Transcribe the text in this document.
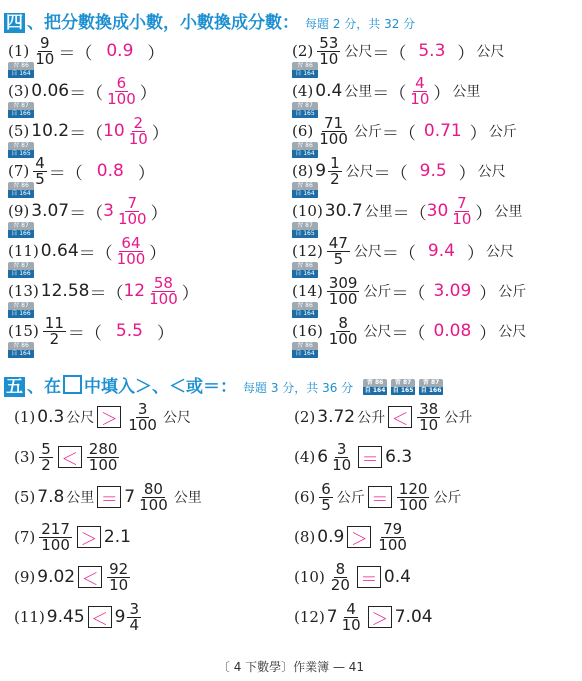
四 、把分數換成小數，小數換成分數： 每題 2 分，共 32 分
$(1) \frac{9}{10}$ ＝（ 0.9 ）
(3) 0.06 ＝（ $\frac{6}{100}$ ）
(5) 10.2 ＝（ $10 \frac{2}{10}$ ）
$(7) \frac{4}{5}$ ＝（ 0.8 ）
(9) 3.07 ＝（ $3 \frac{7}{100}$ ）
(11) 0.64 ＝（ $\frac{64}{100}$ ）
(13) 12.58 ＝（ $12 \frac{58}{100}$ ）
$(15) \frac{11}{2}$ ＝（ 5.5 ）
$(2) \frac{53}{10}$ 公尺 ＝（ 5.3 ） 公尺
(4) 0.4 公里 ＝（ $\frac{4}{10}$ ） 公里
$(6) \frac{71}{100}$ 公斤 ＝（ 0.71 ） 公斤
(8) $9 \frac{1}{2}$ 公尺 ＝（ 9.5 ） 公尺
(10) 30.7 公里 ＝（ $30 \frac{7}{10}$ ） 公里
$(12) \frac{47}{5}$ 公尺 ＝（ 9.4 ） 公尺
$(14) \frac{309}{100}$ 公斤 ＝（ 3.09 ） 公斤
$(16) \frac{8}{100}$ 公尺 ＝（ 0.08 ） 公尺
習 86
自 164
習 87
自 166
習 87
自 165
習 86
自 164
習 87
自 166
習 87
自 166
習 87
自 166
習 86
自 164
習 86
自 164
習 87
自 165
習 86
自 164
習 86
自 164
習 87
自 165
習 86
自 164
習 86
自 164
習 86
自 164
五 、在 中填入＞、＜或＝： 每題 3 分，共 36 分	習 86
自 164
習 87
自 165
習 87
自 166
(1) 0.3 公尺 ＞ $\frac{3}{100}$ 公尺
$(3) \frac{5}{2} < \frac{280}{100}$
(5) 7.8 公里 ＝ $7 \frac{80}{100}$ 公里
$(7) \frac{217}{100} > 2.1$
(9) $9.02 < \frac{92}{10}$
(11) $9.45 < 9 \frac{3}{4}$
(2) 3.72 公升 ＜ $\frac{38}{10}$ 公升
(4) $6 \frac{3}{10} = 6.3$
$(6) \frac{6}{5}$ 公斤 ＝ $\frac{120}{100}$ 公斤
(8) $0.9 > \frac{79}{100}$
$(10) \frac{8}{20} = 0.4$
(12) $7 \frac{4}{10} > 7.04$
〔 4 下數學〕作業簿 — 41
